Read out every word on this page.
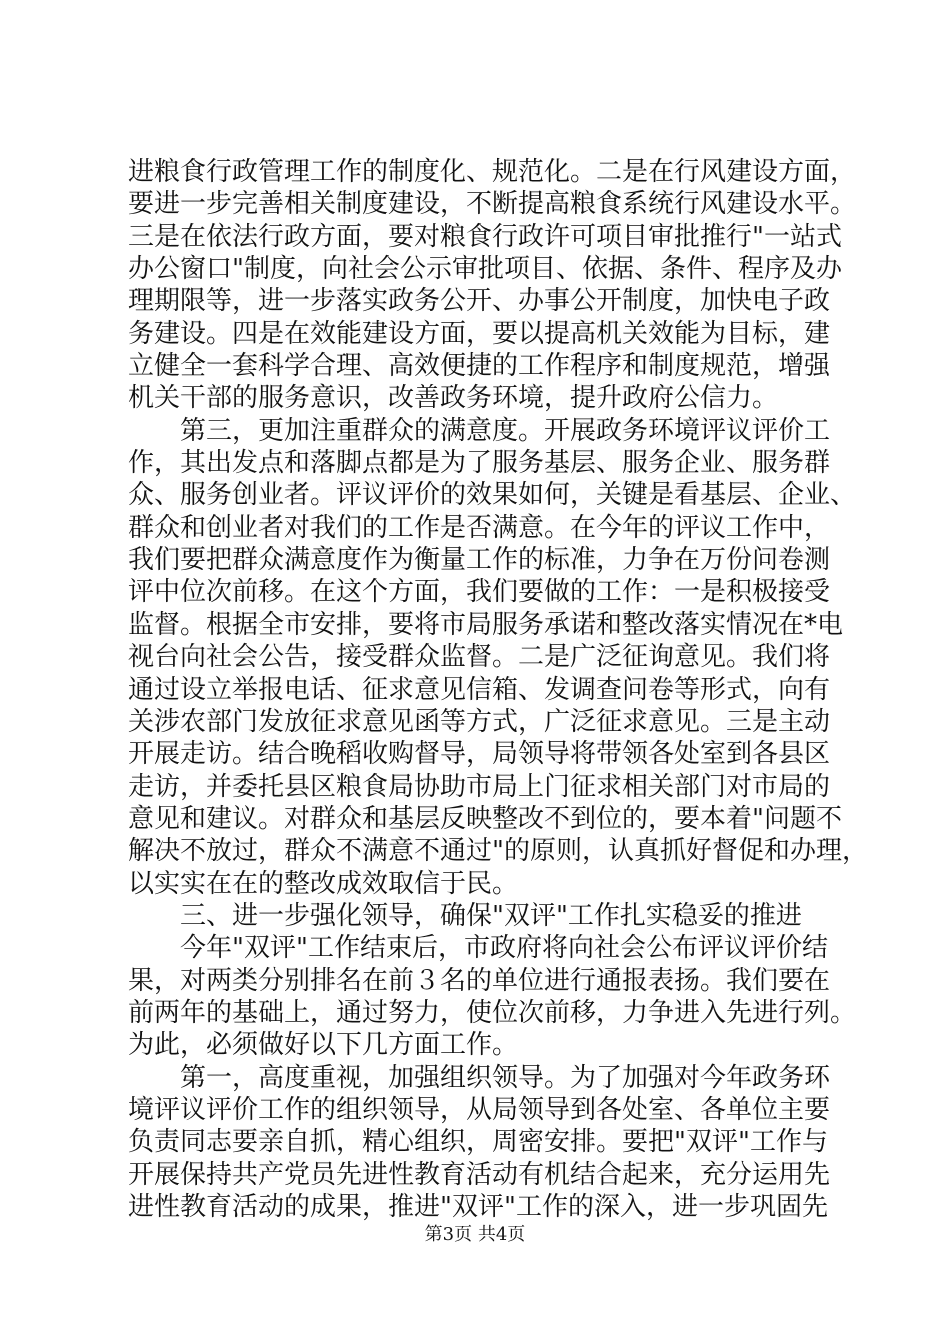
进粮食行政管理工作的制度化、规范化。二是在行风建设方面，
要进一步完善相关制度建设，不断提高粮食系统行风建设水平。
三是在依法行政方面，要对粮食行政许可项目审批推行"一站式
办公窗口"制度，向社会公示审批项目、依据、条件、程序及办
理期限等，进一步落实政务公开、办事公开制度，加快电子政
务建设。四是在效能建设方面，要以提高机关效能为目标，建
立健全一套科学合理、高效便捷的工作程序和制度规范，增强
机关干部的服务意识，改善政务环境，提升政府公信力。
　　第三，更加注重群众的满意度。开展政务环境评议评价工
作，其出发点和落脚点都是为了服务基层、服务企业、服务群
众、服务创业者。评议评价的效果如何，关键是看基层、企业、
群众和创业者对我们的工作是否满意。在今年的评议工作中，
我们要把群众满意度作为衡量工作的标准，力争在万份问卷测
评中位次前移。在这个方面，我们要做的工作：一是积极接受
监督。根据全市安排，要将市局服务承诺和整改落实情况在*电
视台向社会公告，接受群众监督。二是广泛征询意见。我们将
通过设立举报电话、征求意见信箱、发调查问卷等形式，向有
关涉农部门发放征求意见函等方式，广泛征求意见。三是主动
开展走访。结合晚稻收购督导，局领导将带领各处室到各县区
走访，并委托县区粮食局协助市局上门征求相关部门对市局的
意见和建议。对群众和基层反映整改不到位的，要本着"问题不
解决不放过，群众不满意不通过"的原则，认真抓好督促和办理，
以实实在在的整改成效取信于民。
　　三、进一步强化领导，确保"双评"工作扎实稳妥的推进
　　今年"双评"工作结束后，市政府将向社会公布评议评价结
果，对两类分别排名在前３名的单位进行通报表扬。我们要在
前两年的基础上，通过努力，使位次前移，力争进入先进行列。
为此，必须做好以下几方面工作。
　　第一，高度重视，加强组织领导。为了加强对今年政务环
境评议评价工作的组织领导，从局领导到各处室、各单位主要
负责同志要亲自抓，精心组织，周密安排。要把"双评"工作与
开展保持共产党员先进性教育活动有机结合起来，充分运用先
进性教育活动的成果，推进"双评"工作的深入，进一步巩固先
第3页 共4页
